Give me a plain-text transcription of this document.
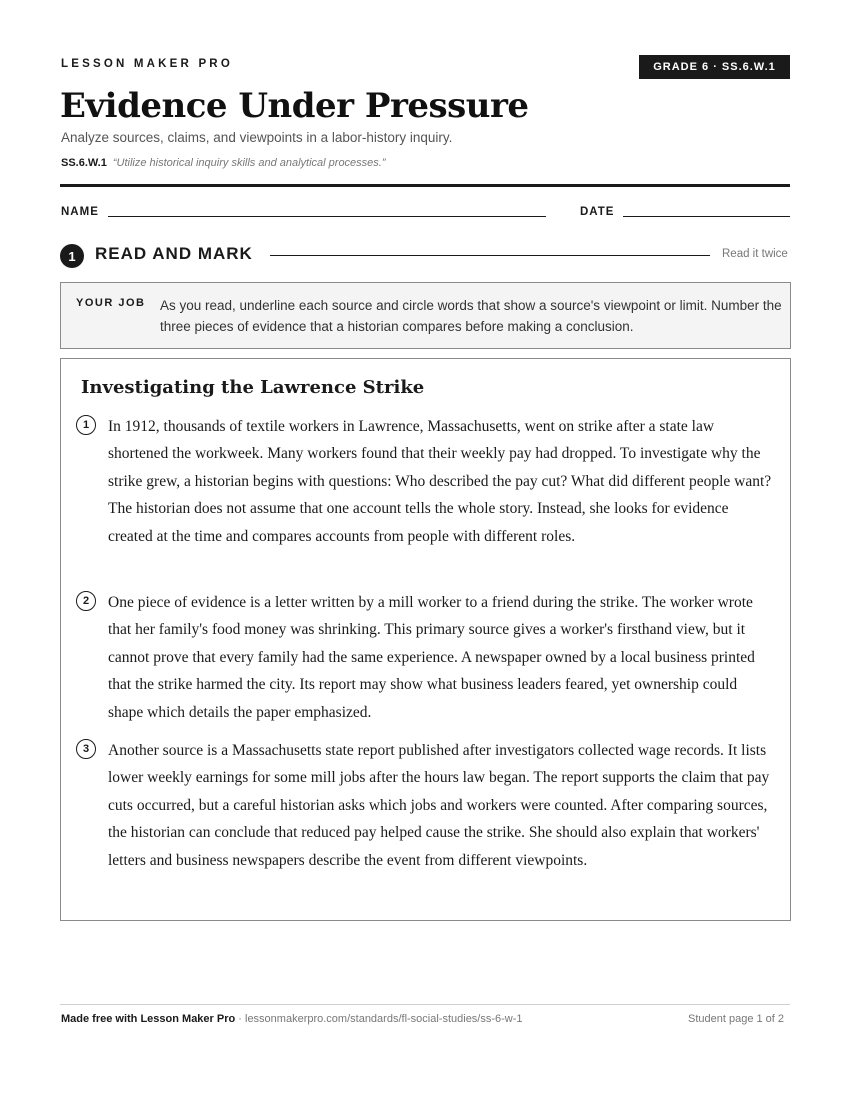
LESSON MAKER PRO	GRADE 6 · SS.6.W.1
Evidence Under Pressure
Analyze sources, claims, and viewpoints in a labor-history inquiry.
SS.6.W.1 “Utilize historical inquiry skills and analytical processes.”
NAME	DATE
1	READ AND MARK	Read it twice
YOUR JOB As you read, underline each source and circle words that show a source's viewpoint or limit. Number the three pieces of evidence that a historian compares before making a conclusion.
Investigating the Lawrence Strike
1	In 1912, thousands of textile workers in Lawrence, Massachusetts, went on strike after a state law shortened the workweek. Many workers found that their weekly pay had dropped. To investigate why the strike grew, a historian begins with questions: Who described the pay cut? What did different people want? The historian does not assume that one account tells the whole story. Instead, she looks for evidence created at the time and compares accounts from people with different roles.
2	One piece of evidence is a letter written by a mill worker to a friend during the strike. The worker wrote that her family's food money was shrinking. This primary source gives a worker's firsthand view, but it cannot prove that every family had the same experience. A newspaper owned by a local business printed that the strike harmed the city. Its report may show what business leaders feared, yet ownership could shape which details the paper emphasized.
3	Another source is a Massachusetts state report published after investigators collected wage records. It lists lower weekly earnings for some mill jobs after the hours law began. The report supports the claim that pay cuts occurred, but a careful historian asks which jobs and workers were counted. After comparing sources, the historian can conclude that reduced pay helped cause the strike. She should also explain that workers' letters and business newspapers describe the event from different viewpoints.
Made free with Lesson Maker Pro · lessonmakerpro.com/standards/fl-social-studies/ss-6-w-1	Student page 1 of 2
